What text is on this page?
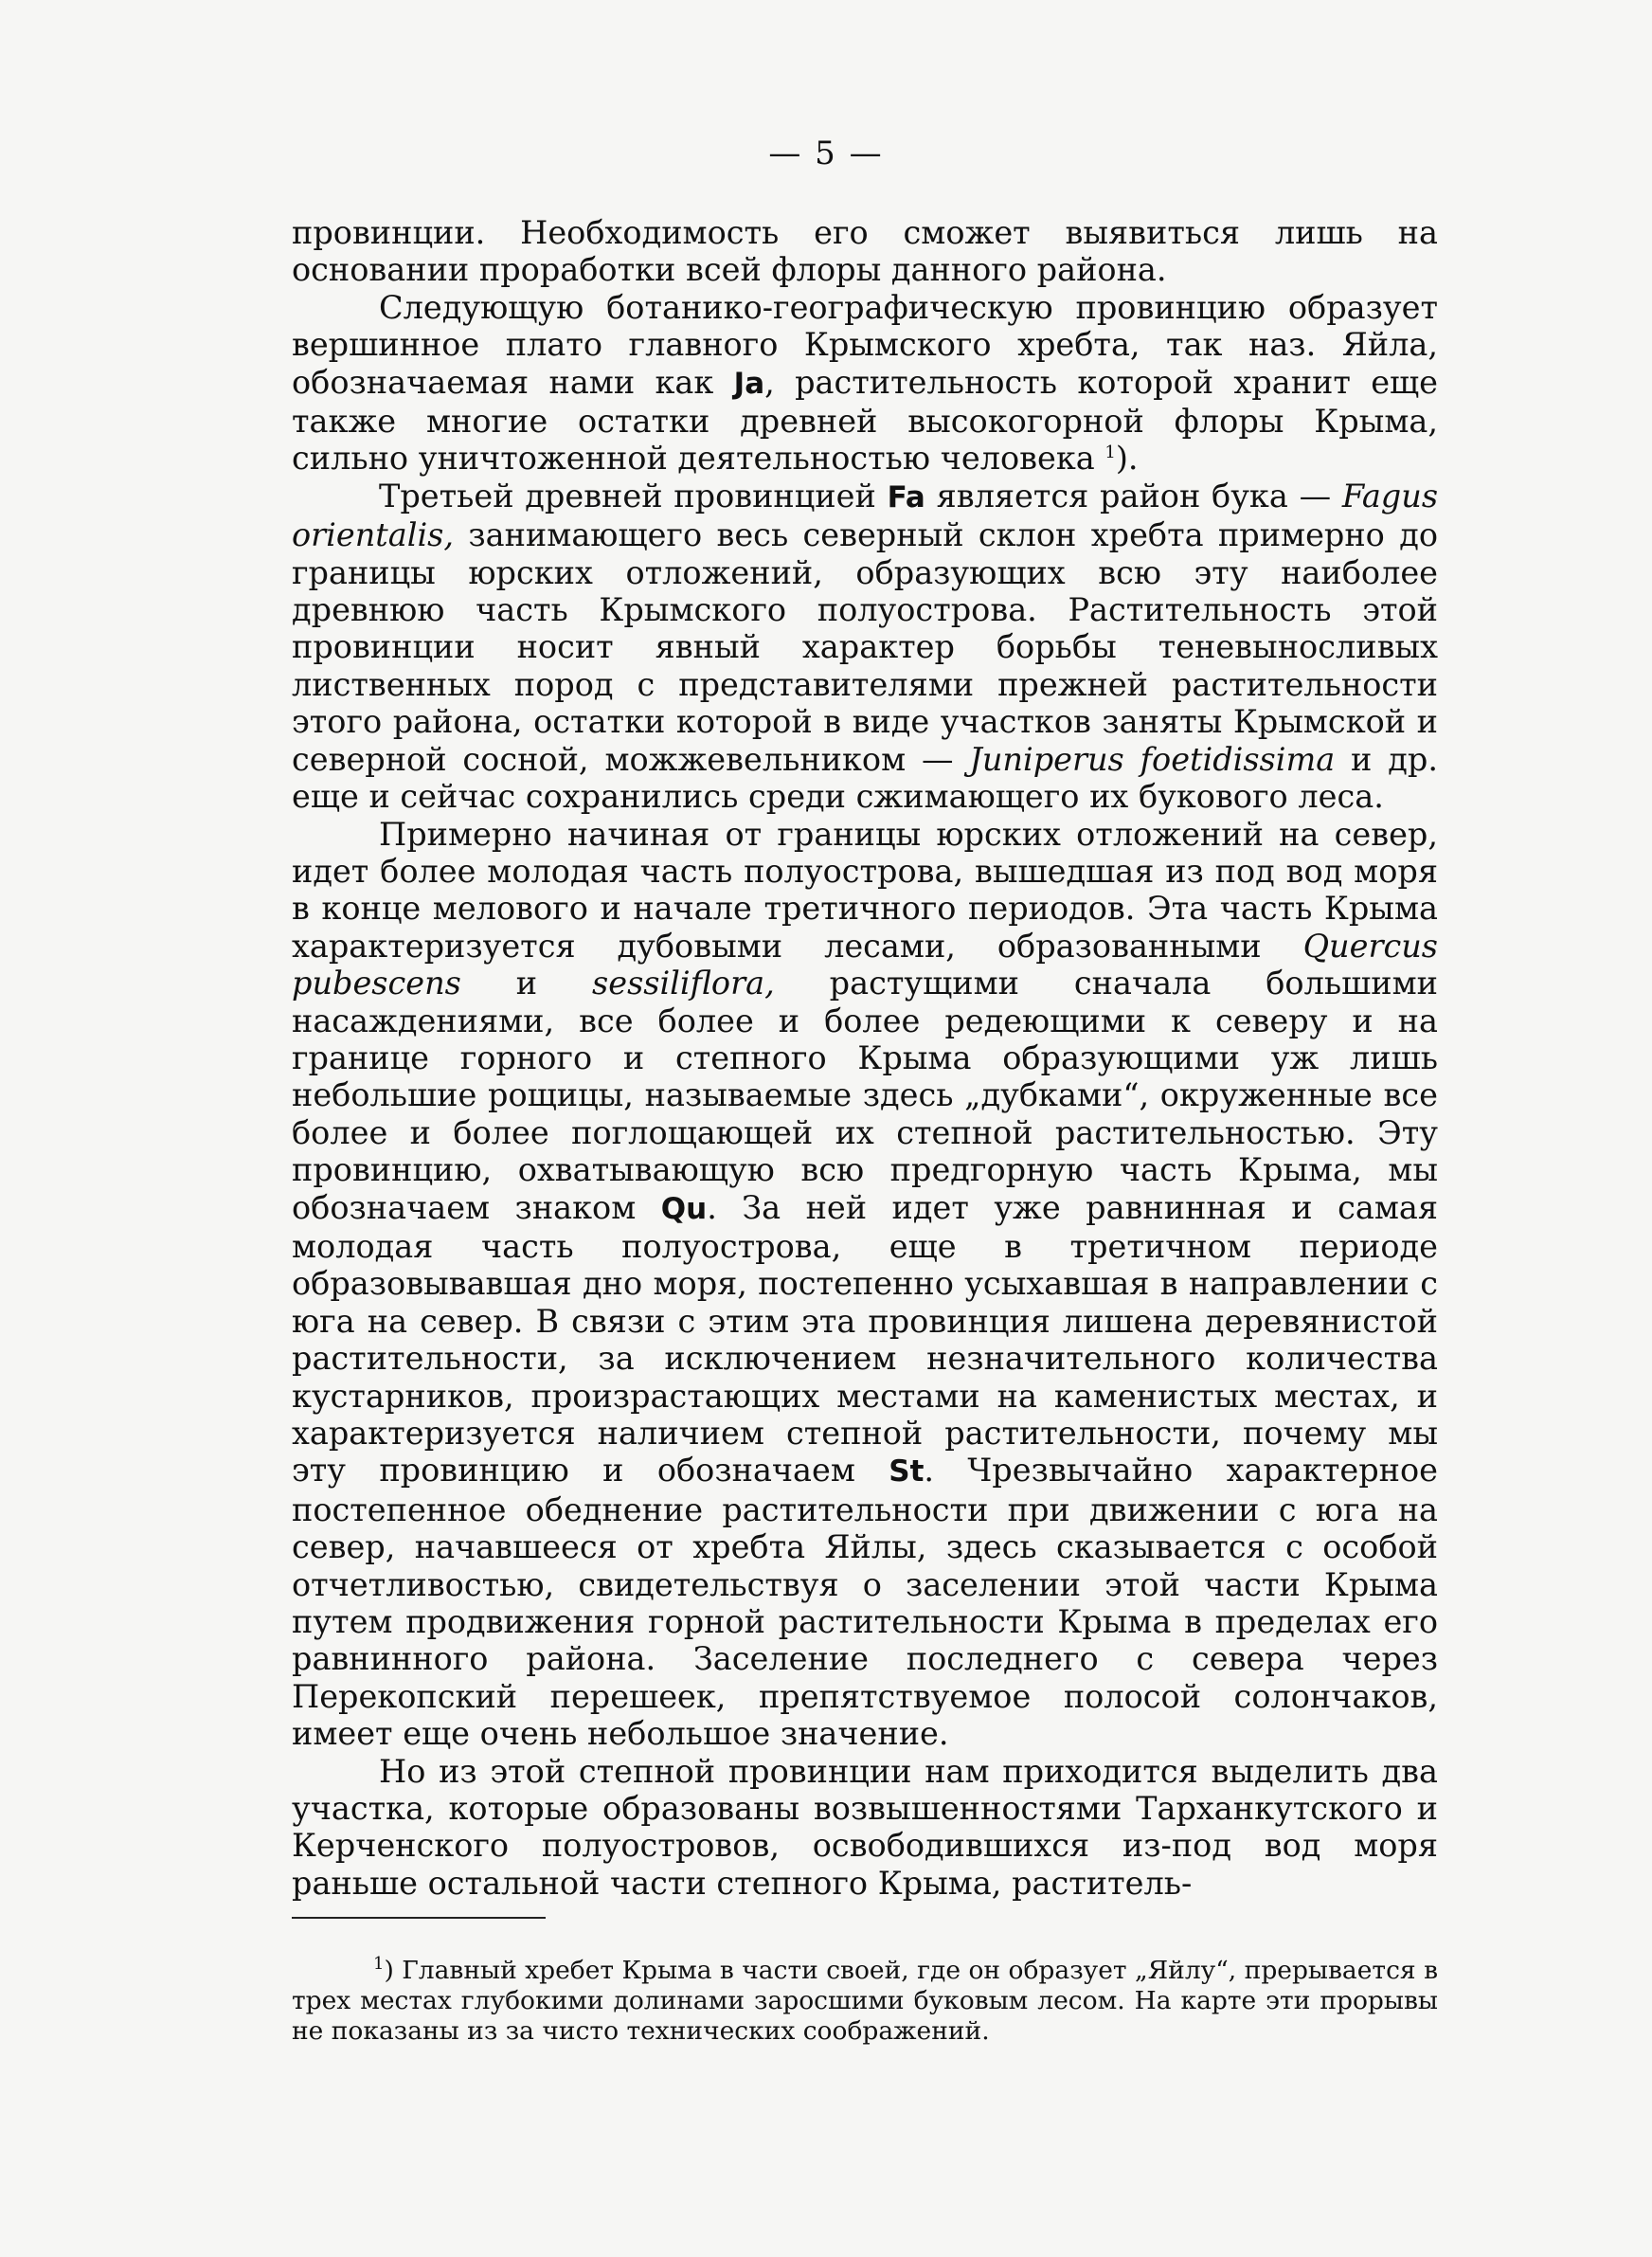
— 5 —

провинции. Необходимость его сможет выявиться лишь на основании проработки всей флоры данного района.

Следующую ботанико-географическую провинцию образует вершинное плато главного Крымского хребта, так наз. Яйла, обозначаемая нами как Ja, растительность которой хранит еще также многие остатки древней высокогорной флоры Крыма, сильно уничтоженной деятельностью человека $^1$).

Третьей древней провинцией Fa является район бука — Fagus orientalis, занимающего весь северный склон хребта примерно до границы юрских отложений, образующих всю эту наиболее древнюю часть Крымского полуострова. Растительность этой провинции носит явный характер борьбы теневыносливых лиственных пород с представителями прежней растительности этого района, остатки которой в виде участков заняты Крымской и северной сосной, можжевельником — Juniperus foetidissima и др. еще и сейчас сохранились среди сжимающего их букового леса.

Примерно начиная от границы юрских отложений на север, идет более молодая часть полуострова, вышедшая из под вод моря в конце мелового и начале третичного периодов. Эта часть Крыма характеризуется дубовыми лесами, образованными Quercus pubescens и sessiliflora, растущими сначала большими насаждениями, все более и более редеющими к северу и на границе горного и степного Крыма образующими уж лишь небольшие рощицы, называемые здесь „дубками“, окруженные все более и более поглощающей их степной растительностью. Эту провинцию, охватывающую всю предгорную часть Крыма, мы обозначаем знаком Qu. За ней идет уже равнинная и самая молодая часть полуострова, еще в третичном периоде образовывавшая дно моря, постепенно усыхавшая в направлении с юга на север. В связи с этим эта провинция лишена деревянистой растительности, за исключением незначительного количества кустарников, произрастающих местами на каменистых местах, и характеризуется наличием степной растительности, почему мы эту провинцию и обозначаем St. Чрезвычайно характерное постепенное обеднение растительности при движении с юга на север, начавшееся от хребта Яйлы, здесь сказывается с особой отчетливостью, свидетельствуя о заселении этой части Крыма путем продвижения горной растительности Крыма в пределах его равнинного района. Заселение последнего с севера через Перекопский перешеек, препятствуемое полосой солончаков, имеет еще очень небольшое значение.

Но из этой степной провинции нам приходится выделить два участка, которые образованы возвышенностями Тарханкутского и Керченского полуостровов, освободившихся из-под вод моря раньше остальной части степного Крыма, раститель-

$^1$) Главный хребет Крыма в части своей, где он образует „Яйлу“, прерывается в трех местах глубокими долинами заросшими буковым лесом. На карте эти прорывы не показаны из за чисто технических соображений.
